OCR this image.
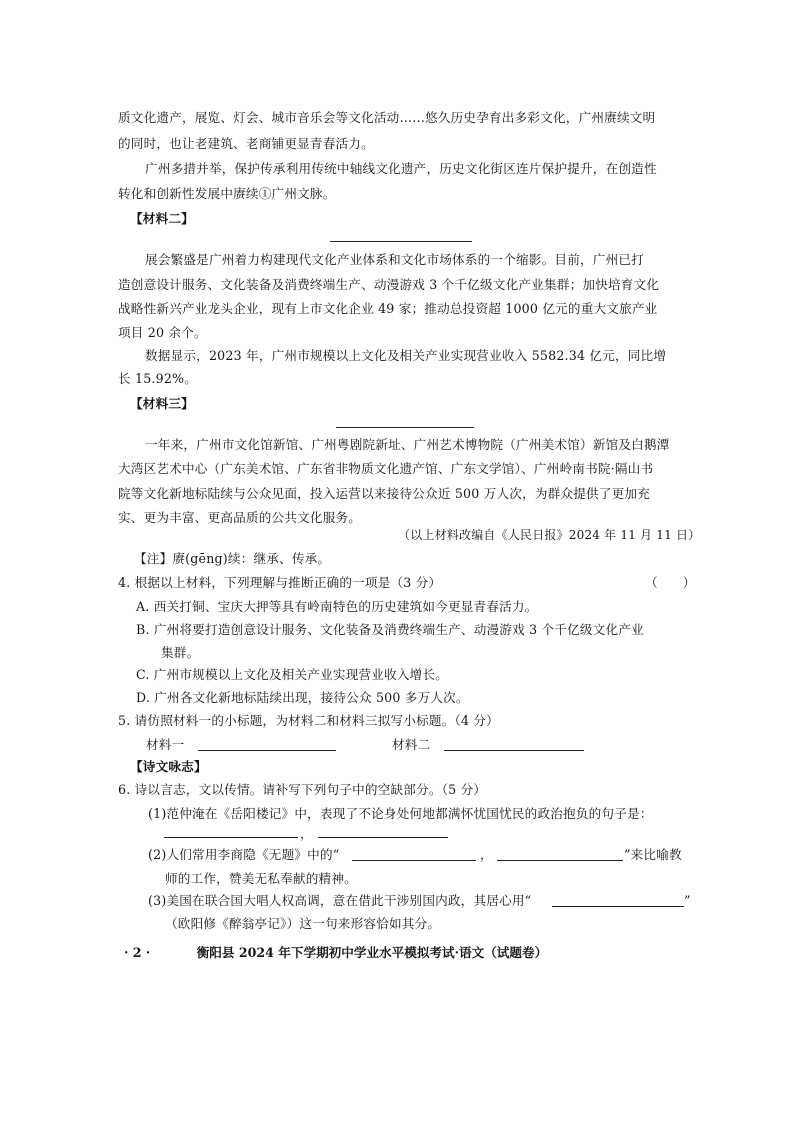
质文化遗产，展览、灯会、城市音乐会等文化活动……悠久历史孕育出多彩文化，广州赓续文明
的同时，也让老建筑、老商铺更显青春活力。
广州多措并举，保护传承利用传统中轴线文化遗产，历史文化街区连片保护提升，在创造性
转化和创新性发展中赓续①广州文脉。
【材料二】
展会繁盛是广州着力构建现代文化产业体系和文化市场体系的一个缩影。目前，广州已打
造创意设计服务、文化装备及消费终端生产、动漫游戏 3 个千亿级文化产业集群；加快培育文化
战略性新兴产业龙头企业，现有上市文化企业 49 家；推动总投资超 1000 亿元的重大文旅产业
项目 20 余个。
数据显示，2023 年，广州市规模以上文化及相关产业实现营业收入 5582.34 亿元，同比增
长 15.92%。
【材料三】
一年来，广州市文化馆新馆、广州粤剧院新址、广州艺术博物院（广州美术馆）新馆及白鹅潭
大湾区艺术中心（广东美术馆、广东省非物质文化遗产馆、广东文学馆）、广州岭南书院·隔山书
院等文化新地标陆续与公众见面，投入运营以来接待公众近 500 万人次，为群众提供了更加充
实、更为丰富、更高品质的公共文化服务。
（以上材料改编自《人民日报》2024 年 11 月 11 日）
【注】赓(gēng)续：继承、传承。
4. 根据以上材料，下列理解与推断正确的一项是（3 分）	（　　）
A. 西关打铜、宝庆大押等具有岭南特色的历史建筑如今更显青春活力。
B. 广州将要打造创意设计服务、文化装备及消费终端生产、动漫游戏 3 个千亿级文化产业
集群。
C. 广州市规模以上文化及相关产业实现营业收入增长。
D. 广州各文化新地标陆续出现，接待公众 500 多万人次。
5. 请仿照材料一的小标题，为材料二和材料三拟写小标题。（4 分）
材料一	材料二
【诗文咏志】
6. 诗以言志，文以传情。请补写下列句子中的空缺部分。（5 分）
(1)范仲淹在《岳阳楼记》中，表现了不论身处何地都满怀忧国忧民的政治抱负的句子是：
，
(2)人们常用李商隐《无题》中的“	，	”来比喻教
师的工作，赞美无私奉献的精神。
(3)美国在联合国大唱人权高调，意在借此干涉别国内政，其居心用“	”
（欧阳修《醉翁亭记》）这一句来形容恰如其分。
· 2 ·	衡阳县 2024 年下学期初中学业水平模拟考试·语文（试题卷）
